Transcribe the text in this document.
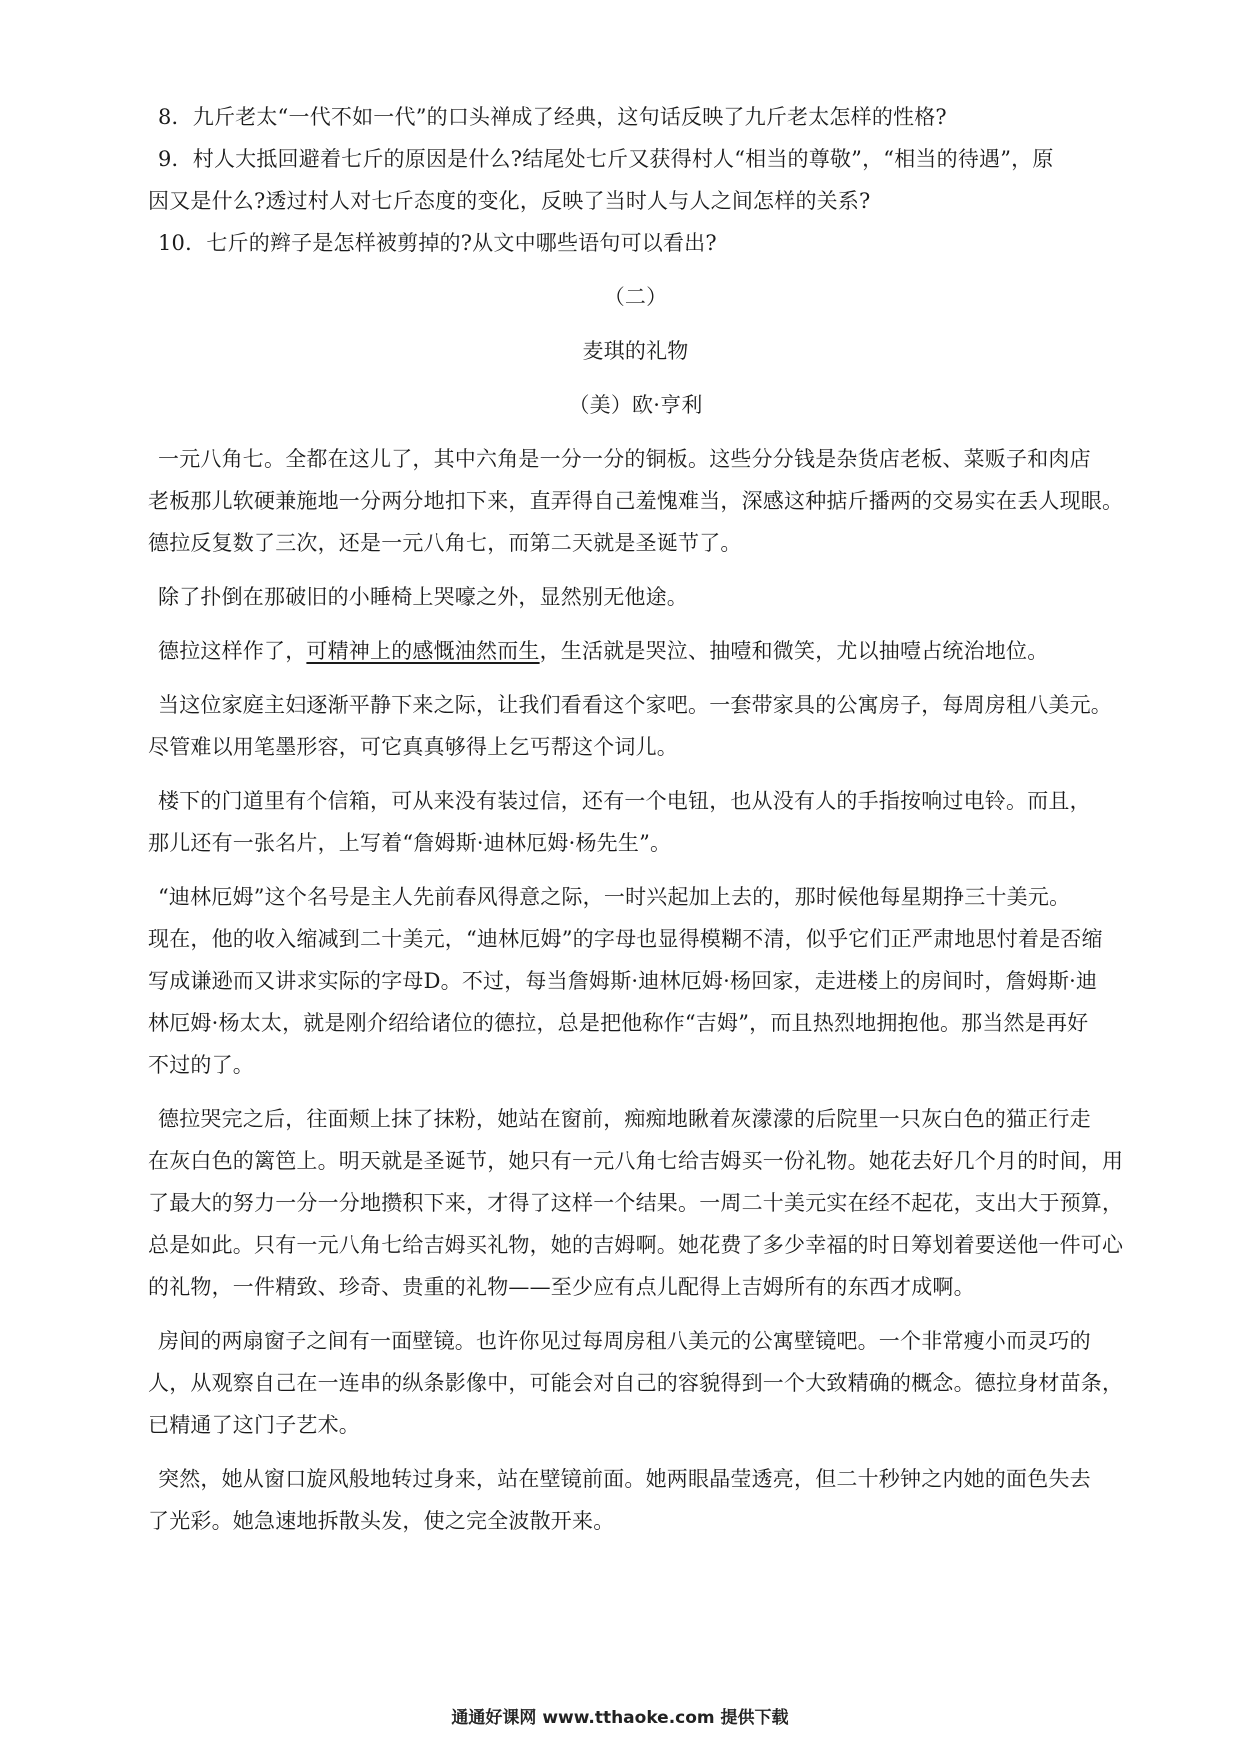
8．九斤老太“一代不如一代”的口头禅成了经典，这句话反映了九斤老太怎样的性格?
9．村人大抵回避着七斤的原因是什么?结尾处七斤又获得村人“相当的尊敬”，“相当的待遇”，原
因又是什么?透过村人对七斤态度的变化，反映了当时人与人之间怎样的关系?
10．七斤的辫子是怎样被剪掉的?从文中哪些语句可以看出?
（二）
麦琪的礼物
（美）欧·亨利
一元八角七。全都在这儿了，其中六角是一分一分的铜板。这些分分钱是杂货店老板、菜贩子和肉店
老板那儿软硬兼施地一分两分地扣下来，直弄得自己羞愧难当，深感这种掂斤播两的交易实在丢人现眼。
德拉反复数了三次，还是一元八角七，而第二天就是圣诞节了。
除了扑倒在那破旧的小睡椅上哭嚎之外，显然别无他途。
德拉这样作了，可精神上的感慨油然而生，生活就是哭泣、抽噎和微笑，尤以抽噎占统治地位。
当这位家庭主妇逐渐平静下来之际，让我们看看这个家吧。一套带家具的公寓房子，每周房租八美元。
尽管难以用笔墨形容，可它真真够得上乞丐帮这个词儿。
楼下的门道里有个信箱，可从来没有装过信，还有一个电钮，也从没有人的手指按响过电铃。而且，
那儿还有一张名片，上写着“詹姆斯·迪林厄姆·杨先生”。
“迪林厄姆”这个名号是主人先前春风得意之际，一时兴起加上去的，那时候他每星期挣三十美元。
现在，他的收入缩减到二十美元，“迪林厄姆”的字母也显得模糊不清，似乎它们正严肃地思忖着是否缩
写成谦逊而又讲求实际的字母D。不过，每当詹姆斯·迪林厄姆·杨回家，走进楼上的房间时，詹姆斯·迪
林厄姆·杨太太，就是刚介绍给诸位的德拉，总是把他称作“吉姆”，而且热烈地拥抱他。那当然是再好
不过的了。
德拉哭完之后，往面颊上抹了抹粉，她站在窗前，痴痴地瞅着灰濛濛的后院里一只灰白色的猫正行走
在灰白色的篱笆上。明天就是圣诞节，她只有一元八角七给吉姆买一份礼物。她花去好几个月的时间，用
了最大的努力一分一分地攒积下来，才得了这样一个结果。一周二十美元实在经不起花，支出大于预算，
总是如此。只有一元八角七给吉姆买礼物，她的吉姆啊。她花费了多少幸福的时日筹划着要送他一件可心
的礼物，一件精致、珍奇、贵重的礼物——至少应有点儿配得上吉姆所有的东西才成啊。
房间的两扇窗子之间有一面壁镜。也许你见过每周房租八美元的公寓壁镜吧。一个非常瘦小而灵巧的
人，从观察自己在一连串的纵条影像中，可能会对自己的容貌得到一个大致精确的概念。德拉身材苗条，
已精通了这门子艺术。
突然，她从窗口旋风般地转过身来，站在壁镜前面。她两眼晶莹透亮，但二十秒钟之内她的面色失去
了光彩。她急速地拆散头发，使之完全波散开来。
通通好课网 www.tthaoke.com 提供下载
